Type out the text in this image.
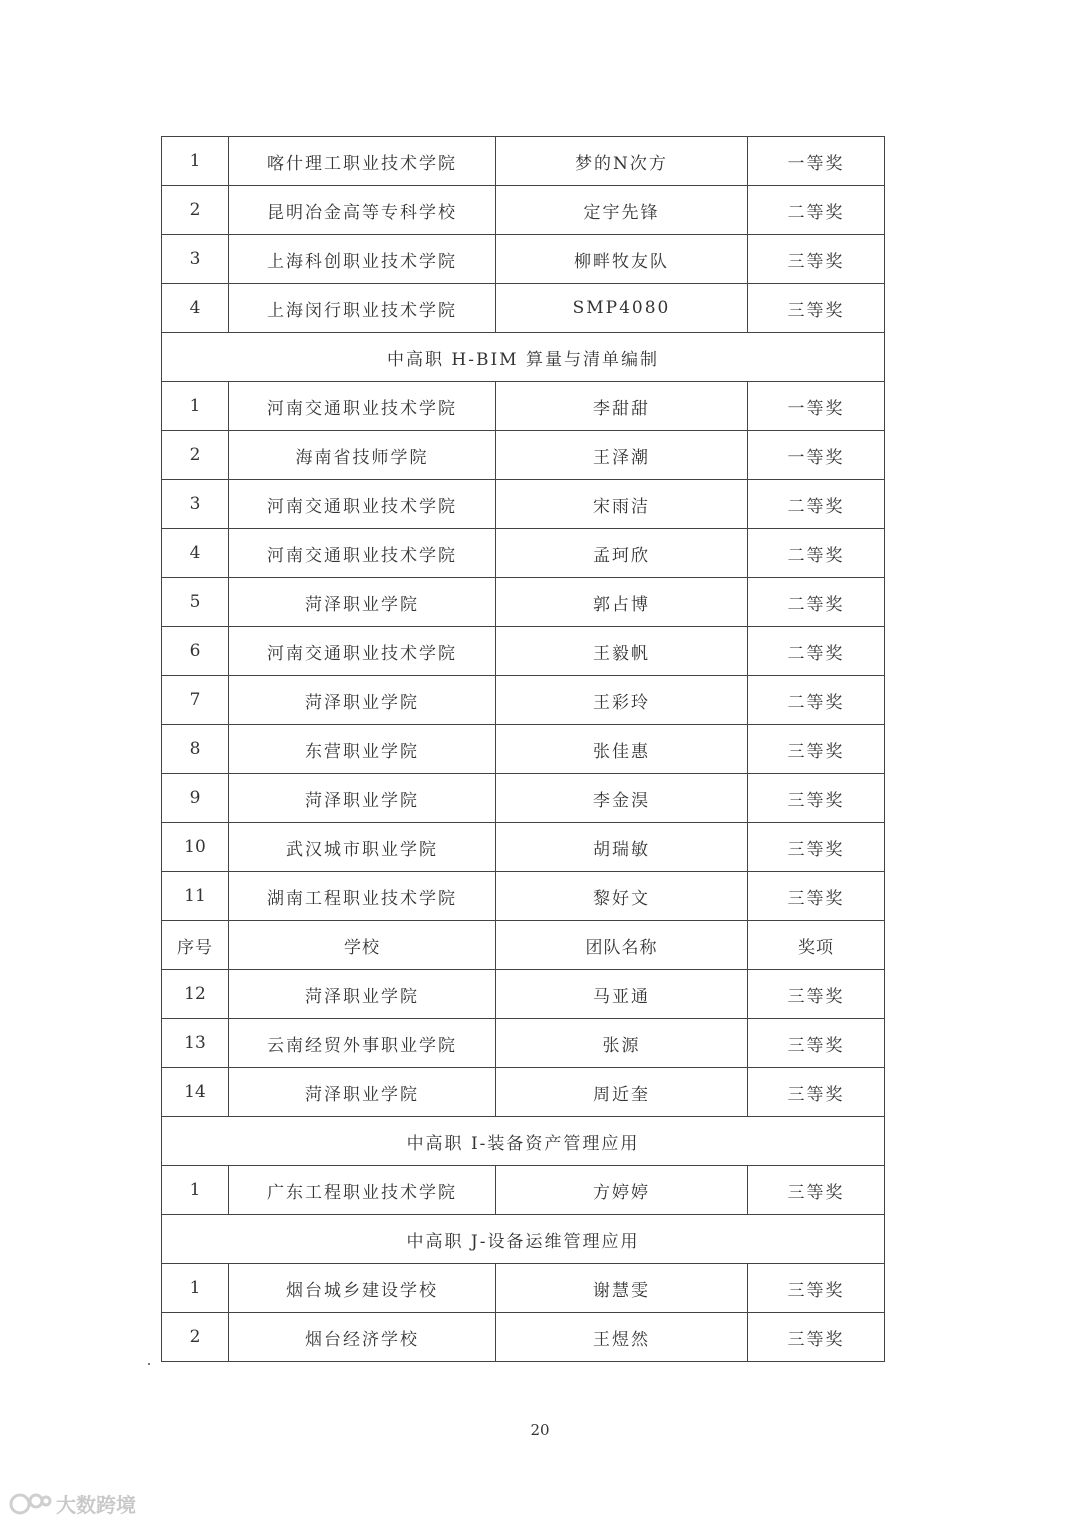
1	喀什理工职业技术学院	梦的N次方	一等奖
2	昆明冶金高等专科学校	定宇先锋	二等奖
3	上海科创职业技术学院	柳畔牧友队	三等奖
4	上海闵行职业技术学院	SMP4080	三等奖
中高职 H-BIM 算量与清单编制			
1	河南交通职业技术学院	李甜甜	一等奖
2	海南省技师学院	王泽潮	一等奖
3	河南交通职业技术学院	宋雨洁	二等奖
4	河南交通职业技术学院	孟珂欣	二等奖
5	菏泽职业学院	郭占博	二等奖
6	河南交通职业技术学院	王毅帆	二等奖
7	菏泽职业学院	王彩玲	二等奖
8	东营职业学院	张佳惠	三等奖
9	菏泽职业学院	李金淏	三等奖
10	武汉城市职业学院	胡瑞敏	三等奖
11	湖南工程职业技术学院	黎好文	三等奖
序号	学校	团队名称	奖项
12	菏泽职业学院	马亚通	三等奖
13	云南经贸外事职业学院	张源	三等奖
14	菏泽职业学院	周近奎	三等奖
中高职 I-装备资产管理应用			
1	广东工程职业技术学院	方婷婷	三等奖
中高职 J-设备运维管理应用			
1	烟台城乡建设学校	谢慧雯	三等奖
2	烟台经济学校	王煜然	三等奖
20
大数跨境
